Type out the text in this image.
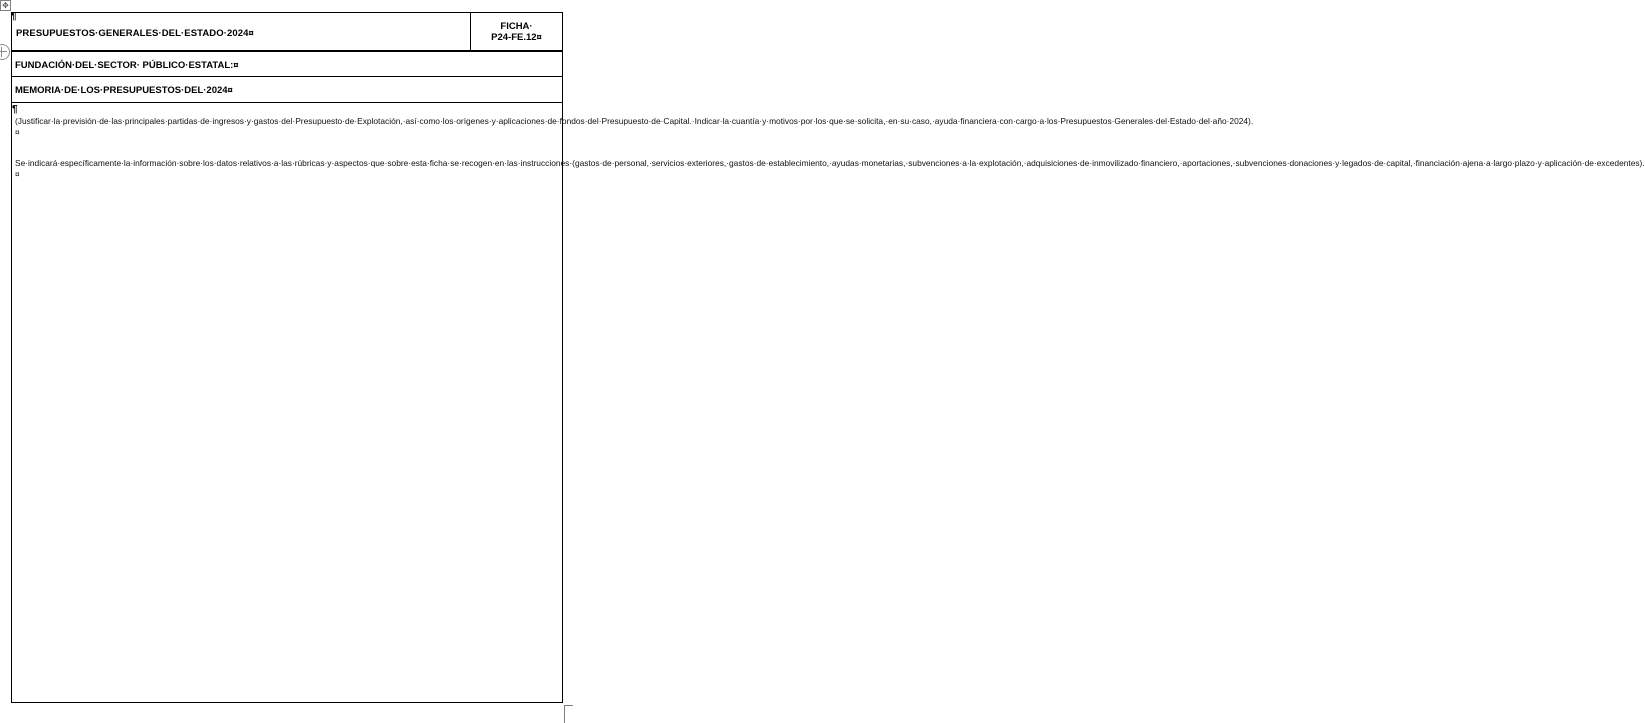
✥
¶
PRESUPUESTOS·GENERALES·DEL·ESTADO·2024¤
FICHA·
P24-FE.12¤
FUNDACIÓN·DEL·SECTOR· PÚBLICO·ESTATAL:¤
MEMORIA·DE·LOS·PRESUPUESTOS·DEL·2024¤
¶
(Justificar·la·previsión·de·las·principales·partidas·de·ingresos·y·gastos·del·Presupuesto·de·Explotación,·así·como·los·orígenes·y·aplicaciones·de·fondos·del·Presupuesto·de·Capital.·Indicar·la·cuantía·y·motivos·por·los·que·se·solicita,·en·su·caso,·ayuda·financiera·con·cargo·a·los·Presupuestos·Generales·del·Estado·del·año·2024).¤
Se·indicará·específicamente·la·información·sobre·los·datos·relativos·a·las·rúbricas·y·aspectos·que·sobre·esta·ficha·se·recogen·en·las·instrucciones·(gastos·de·personal,·servicios·exteriores,·gastos·de·establecimiento,·ayudas·monetarias,·subvenciones·a·la·explotación,·adquisiciones·de·inmovilizado·financiero,·aportaciones,·subvenciones·donaciones·y·legados·de·capital,·financiación·ajena·a·largo·plazo·y·aplicación·de·excedentes).¤
